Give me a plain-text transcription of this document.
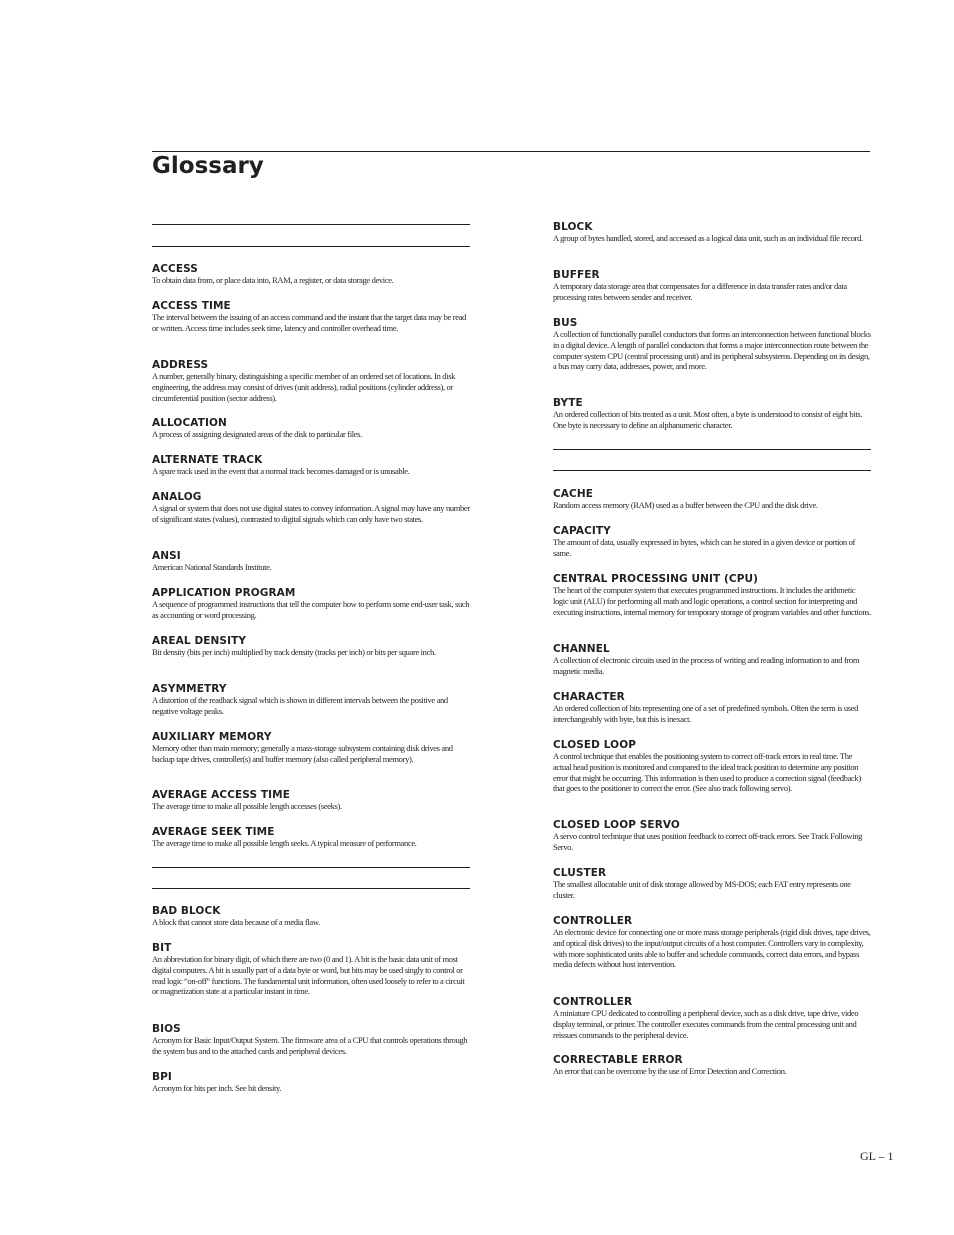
Glossary

ACCESS

To obtain data from, or place data into, RAM, a register, or data storage device.

ACCESS TIME

The interval between the issuing of an access command and the instant that the target data may be read or written. Access time includes seek time, latency and controller overhead time.

ADDRESS

A number, generally binary, distinguishing a specific member of an ordered set of locations. In disk engineering, the address may consist of drives (unit address), radial positions (cylinder address), or circumferential position (sector address).

ALLOCATION

A process of assigning designated areas of the disk to particular files.

ALTERNATE TRACK

A spare track used in the event that a normal track becomes damaged or is unusable.

ANALOG

A signal or system that does not use digital states to convey information. A signal may have any number of significant states (values), contrasted to digital signals which can only have two states.

ANSI

American National Standards Institute.

APPLICATION PROGRAM

A sequence of programmed instructions that tell the computer how to perform some end-user task, such as accounting or word processing.

AREAL DENSITY

Bit density (bits per inch) multiplied by track density (tracks per inch) or bits per square inch.

ASYMMETRY

A distortion of the readback signal which is shown in different intervals between the positive and negative voltage peaks.

AUXILIARY MEMORY

Memory other than main memory; generally a mass-storage subsystem containing disk drives and backup tape drives, controller(s) and buffer memory (also called peripheral memory).

AVERAGE ACCESS TIME

The average time to make all possible length accesses (seeks).

AVERAGE SEEK TIME

The average time to make all possible length seeks. A typical measure of performance.

BAD BLOCK

A block that cannot store data because of a media flaw.

BIT

An abbreviation for binary digit, of which there are two (0 and 1). A bit is the basic data unit of most digital computers. A bit is usually part of a data byte or word, but bits may be used singly to control or read logic “on-off” functions. The fundamental unit information, often used loosely to refer to a circuit or magnetization state at a particular instant in time.

BIOS

Acronym for Basic Input/Output System. The firmware area of a CPU that controls operations through the system bus and to the attached cards and peripheral devices.

BPI

Acronym for bits per inch. See bit density.

BLOCK

A group of bytes handled, stored, and accessed as a logical data unit, such as an individual file record.

BUFFER

A temporary data storage area that compensates for a difference in data transfer rates and/or data processing rates between sender and receiver.

BUS

A collection of functionally parallel conductors that forms an interconnection between functional blocks in a digital device. A length of parallel conductors that forms a major interconnection route between the computer system CPU (central processing unit) and its peripheral subsystems. Depending on its design, a bus may carry data, addresses, power, and more.

BYTE

An ordered collection of bits treated as a unit. Most often, a byte is understood to consist of eight bits. One byte is necessary to define an alphanumeric character.

CACHE

Random access memory (RAM) used as a buffer between the CPU and the disk drive.

CAPACITY

The amount of data, usually expressed in bytes, which can be stored in a given device or portion of same.

CENTRAL PROCESSING UNIT (CPU)

The heart of the computer system that executes programmed instructions. It includes the arithmetic logic unit (ALU) for performing all math and logic operations, a control section for interpreting and executing instructions, internal memory for temporary storage of program variables and other functions.

CHANNEL

A collection of electronic circuits used in the process of writing and reading information to and from magnetic media.

CHARACTER

An ordered collection of bits representing one of a set of predefined symbols. Often the term is used interchangeably with byte, but this is inexact.

CLOSED LOOP

A control technique that enables the positioning system to correct off-track errors in real time. The actual head position is monitored and compared to the ideal track position to determine any position error that might be occurring. This information is then used to produce a correction signal (feedback) that goes to the positioner to correct the error. (See also track following servo).

CLOSED LOOP SERVO

A servo control technique that uses position feedback to correct off-track errors. See Track Following Servo.

CLUSTER

The smallest allocatable unit of disk storage allowed by MS-DOS; each FAT entry represents one cluster.

CONTROLLER

An electronic device for connecting one or more mass storage peripherals (rigid disk drives, tape drives, and optical disk drives) to the input/output circuits of a host computer. Controllers vary in complexity, with more sophisticated units able to buffer and schedule commands, correct data errors, and bypass media defects without host intervention.

CONTROLLER

A miniature CPU dedicated to controlling a peripheral device, such as a disk drive, tape drive, video display terminal, or printer. The controller executes commands from the central processing unit and reissues commands to the peripheral device.

CORRECTABLE ERROR

An error that can be overcome by the use of Error Detection and Correction.

GL – 1
